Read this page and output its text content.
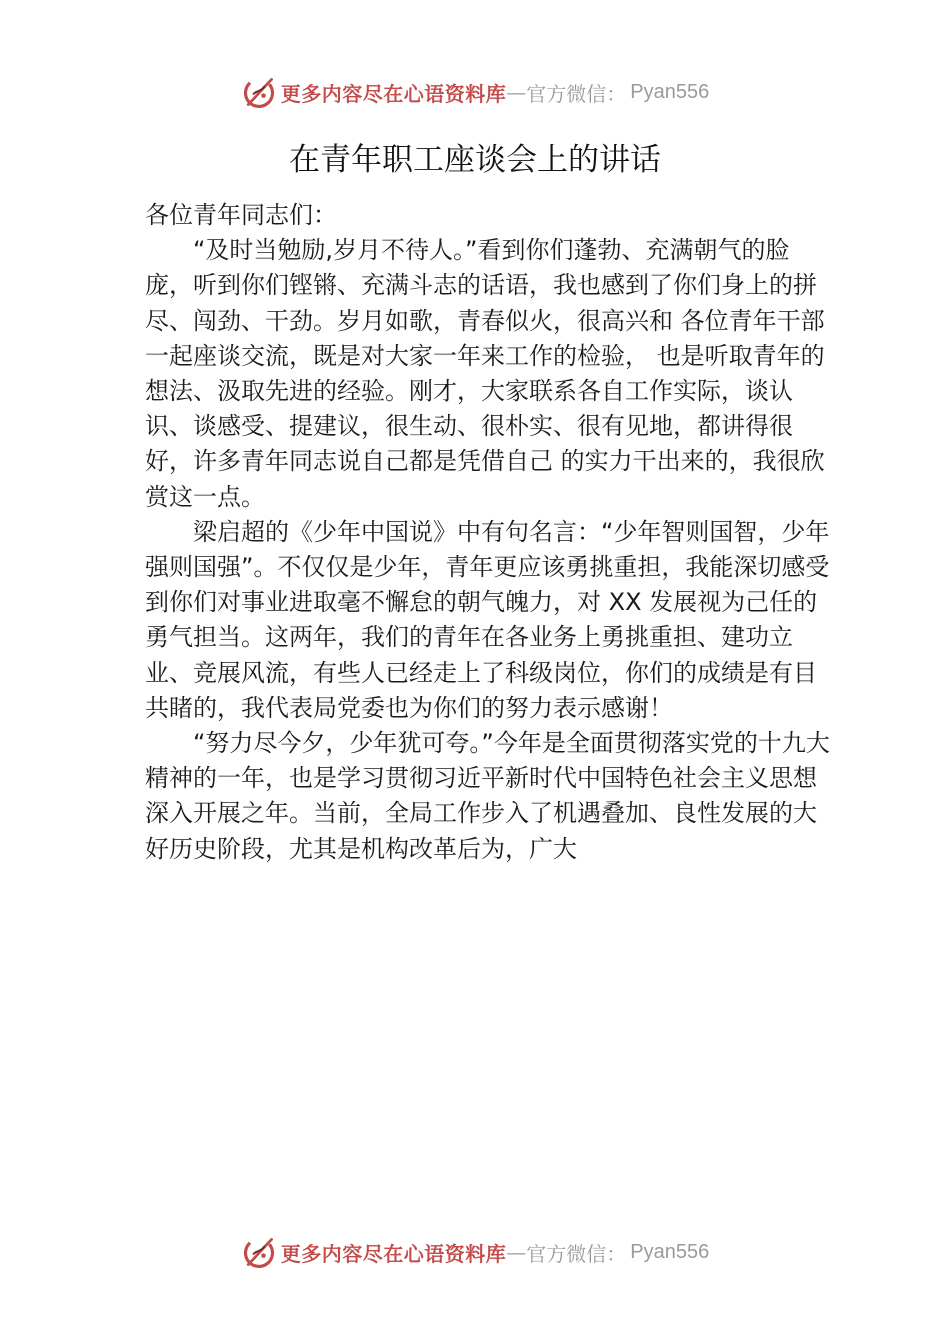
更多内容尽在心语资料库 — 官方微信： Pyan556
在青年职工座谈会上的讲话

各位青年同志们：

“及时当勉励,岁月不待人。”看到你们蓬勃、充满朝气的脸庞，听到你们铿锵、充满斗志的话语，我也感到了你们身上的拼尽、闯劲、干劲。岁月如歌，青春似火，很高兴和 各位青年干部一起座谈交流，既是对大家一年来工作的检验， 也是听取青年的想法、汲取先进的经验。刚才，大家联系各自工作实际，谈认识、谈感受、提建议，很生动、很朴实、很有见地，都讲得很好，许多青年同志说自己都是凭借自己 的实力干出来的，我很欣赏这一点。

梁启超的《少年中国说》中有句名言：“少年智则国智，少年强则国强”。不仅仅是少年，青年更应该勇挑重担，我能深切感受到你们对事业进取毫不懈怠的朝气魄力，对 XX 发展视为己任的勇气担当。这两年，我们的青年在各业务上勇挑重担、建功立业、竞展风流，有些人已经走上了科级岗位，你们的成绩是有目共睹的，我代表局党委也为你们的努力表示感谢！

“努力尽今夕，少年犹可夸。”今年是全面贯彻落实党的十九大精神的一年，也是学习贯彻习近平新时代中国特色社会主义思想深入开展之年。当前，全局工作步入了机遇叠加、良性发展的大好历史阶段，尤其是机构改革后为，广大

更多内容尽在心语资料库 — 官方微信： Pyan556
